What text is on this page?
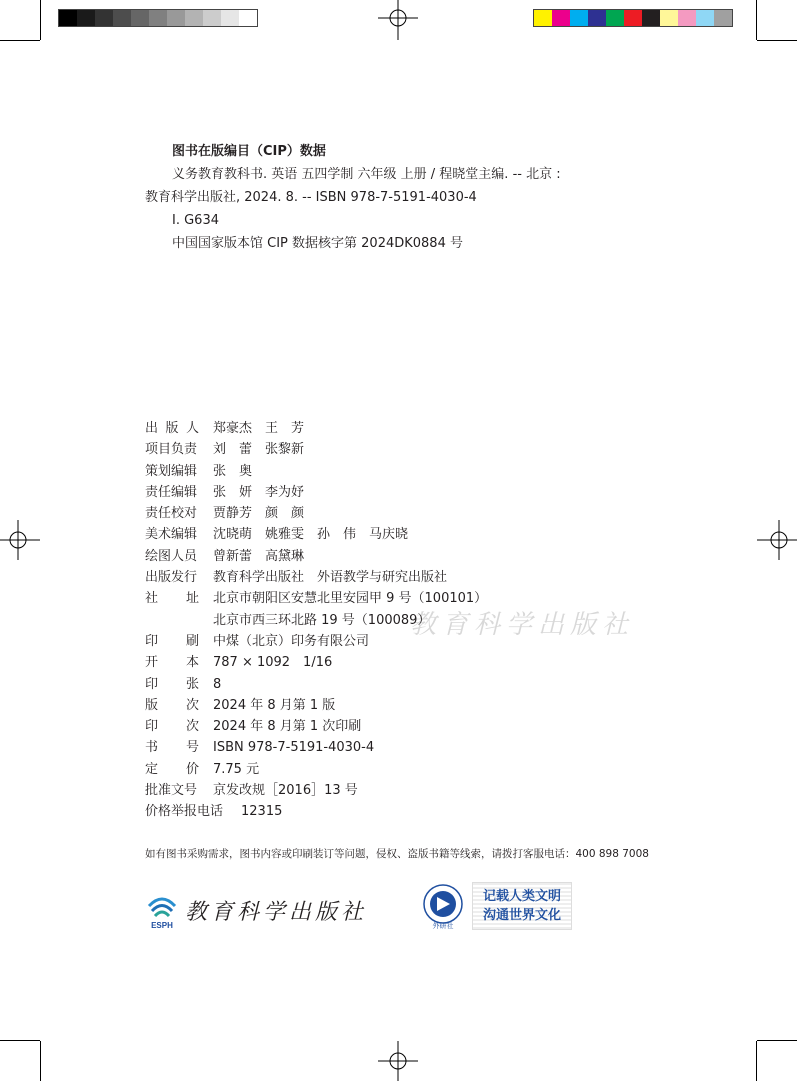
图书在版编目（CIP）数据
义务教育教科书. 英语 五四学制 六年级 上册 / 程晓堂主编. -- 北京 :
教育科学出版社, 2024. 8. -- ISBN 978-7-5191-4030-4
Ⅰ. G634
中国国家版本馆 CIP 数据核字第 2024DK0884 号
教育科学出版社
出版人 郑豪杰　王　芳
项目负责	刘　蕾　张黎新
策划编辑	张　奥
责任编辑	张　妍　李为妤
责任校对	贾静芳　颜　颜
美术编辑	沈晓萌　姚雅雯　孙　伟　马庆晓
绘图人员	曾新蕾　高黛琳
出版发行	教育科学出版社　外语教学与研究出版社
社址 北京市朝阳区安慧北里安园甲 9 号（100101）
北京市西三环北路 19 号（100089）
印刷 中煤（北京）印务有限公司
开本 787 × 1092　1/16
印张 8
版次 2024 年 8 月第 1 版
印次 2024 年 8 月第 1 次印刷
书号 ISBN 978-7-5191-4030-4
定价 7.75 元
批准文号	京发改规［2016］13 号
价格举报电话	12315
如有图书采购需求，图书内容或印刷装订等问题，侵权、盗版书籍等线索，请拨打客服电话：400 898 7008
ESPH
教育科学出版社
外研社
记载人类文明
沟通世界文化
